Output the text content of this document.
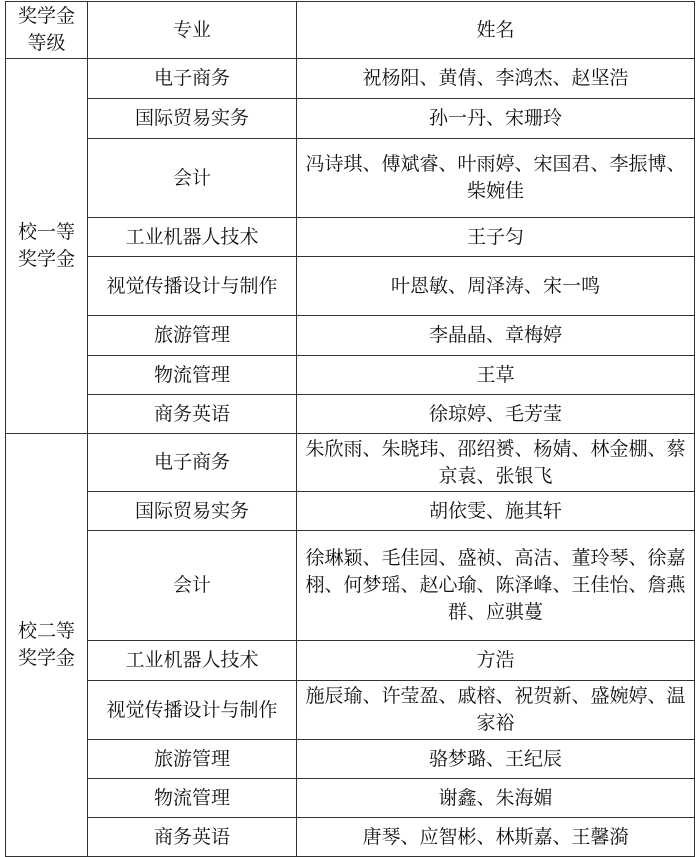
奖学金等级	专业	姓名
校一等奖学金	电子商务	祝杨阳、黄倩、李鸿杰、赵坚浩
	国际贸易实务	孙一丹、宋珊玲
	会计	冯诗琪、傅斌睿、叶雨婷、宋国君、李振博、柴婉佳
	工业机器人技术	王子匀
	视觉传播设计与制作	叶恩敏、周泽涛、宋一鸣
	旅游管理	李晶晶、章梅婷
	物流管理	王草
	商务英语	徐琼婷、毛芳莹
校二等奖学金	电子商务	朱欣雨、朱晓玮、邵绍赟、杨婧、林金棚、蔡京袁、张银飞
	国际贸易实务	胡依雯、施其轩
	会计	徐琳颖、毛佳园、盛祯、高洁、董玲琴、徐嘉栩、何梦瑶、赵心瑜、陈泽峰、王佳怡、詹燕群、应骐蔓
	工业机器人技术	方浩
	视觉传播设计与制作	施辰瑜、许莹盈、戚榕、祝贺新、盛婉婷、温家裕
	旅游管理	骆梦璐、王纪辰
	物流管理	谢鑫、朱海媚
	商务英语	唐琴、应智彬、林斯嘉、王馨漪
